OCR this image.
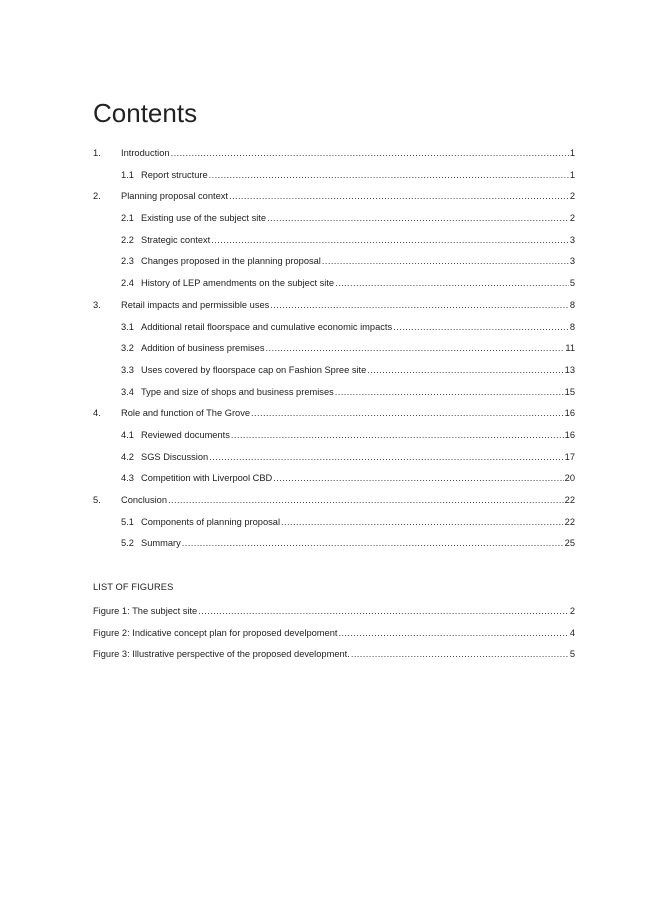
Contents
1.	Introduction .....	1
1.1 Report structure .....	1
2.	Planning proposal context .....	2
2.1 Existing use of the subject site .....	2
2.2 Strategic context .....	3
2.3 Changes proposed in the planning proposal .....	3
2.4 History of LEP amendments on the subject site .....	5
3.	Retail impacts and permissible uses .....	8
3.1 Additional retail floorspace and cumulative economic impacts .....	8
3.2 Addition of business premises .....	11
3.3 Uses covered by floorspace cap on Fashion Spree site .....	13
3.4 Type and size of shops and business premises .....	15
4.	Role and function of The Grove .....	16
4.1 Reviewed documents .....	16
4.2 SGS Discussion .....	17
4.3 Competition with Liverpool CBD .....	20
5.	Conclusion .....	22
5.1 Components of planning proposal .....	22
5.2 Summary .....	25
LIST OF FIGURES
Figure 1: The subject site .....	2
Figure 2: Indicative concept plan for proposed develpoment .....	4
Figure 3: Illustrative perspective of the proposed development. .....	5
